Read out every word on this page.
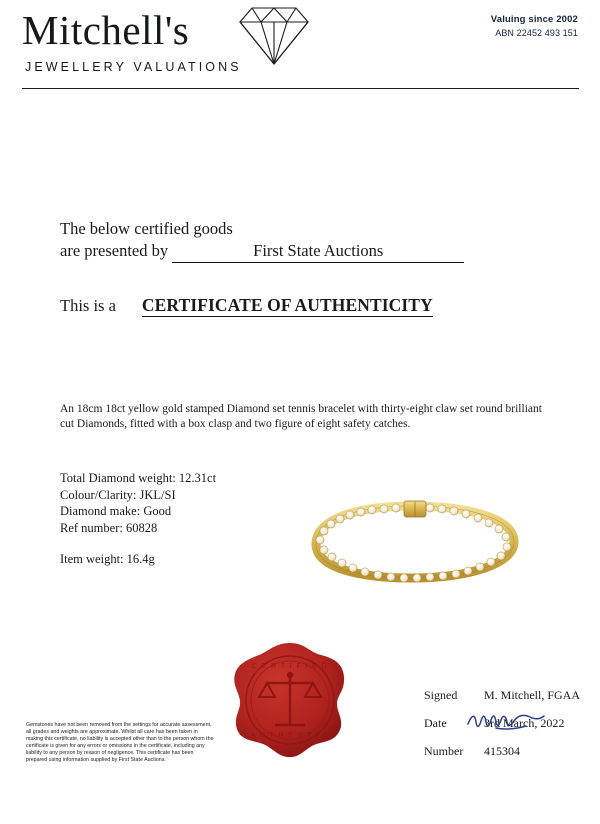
Mitchell's
JEWELLERY VALUATIONS
Valuing since 2002
ABN 22452 493 151
The below certified goods
are presented by	First State Auctions
This is a CERTIFICATE OF AUTHENTICITY
An 18cm 18ct yellow gold stamped Diamond set tennis bracelet with thirty-eight claw set round brilliant cut Diamonds, fitted with a box clasp and two figure of eight safety catches.
Total Diamond weight: 12.31ct
Colour/Clarity: JKL/SI
Diamond make: Good
Ref number: 60828
Item weight: 16.4g
C E R T I F I E D
A U T H E N T I C
Signed	M. Mitchell, FGAA
Date	3rd March, 2022
Number	415304
Gemstones have not been removed from the settings for accurate assessment, all grades and weights are approximate. Whilst all care has been taken in making this certificate, no liability is accepted other than to the person whom the certificate is given for any errors or omissions in the certificate, including any liability to any person by reason of negligence. This certificate has been prepared using information supplied by First State Auctions.
